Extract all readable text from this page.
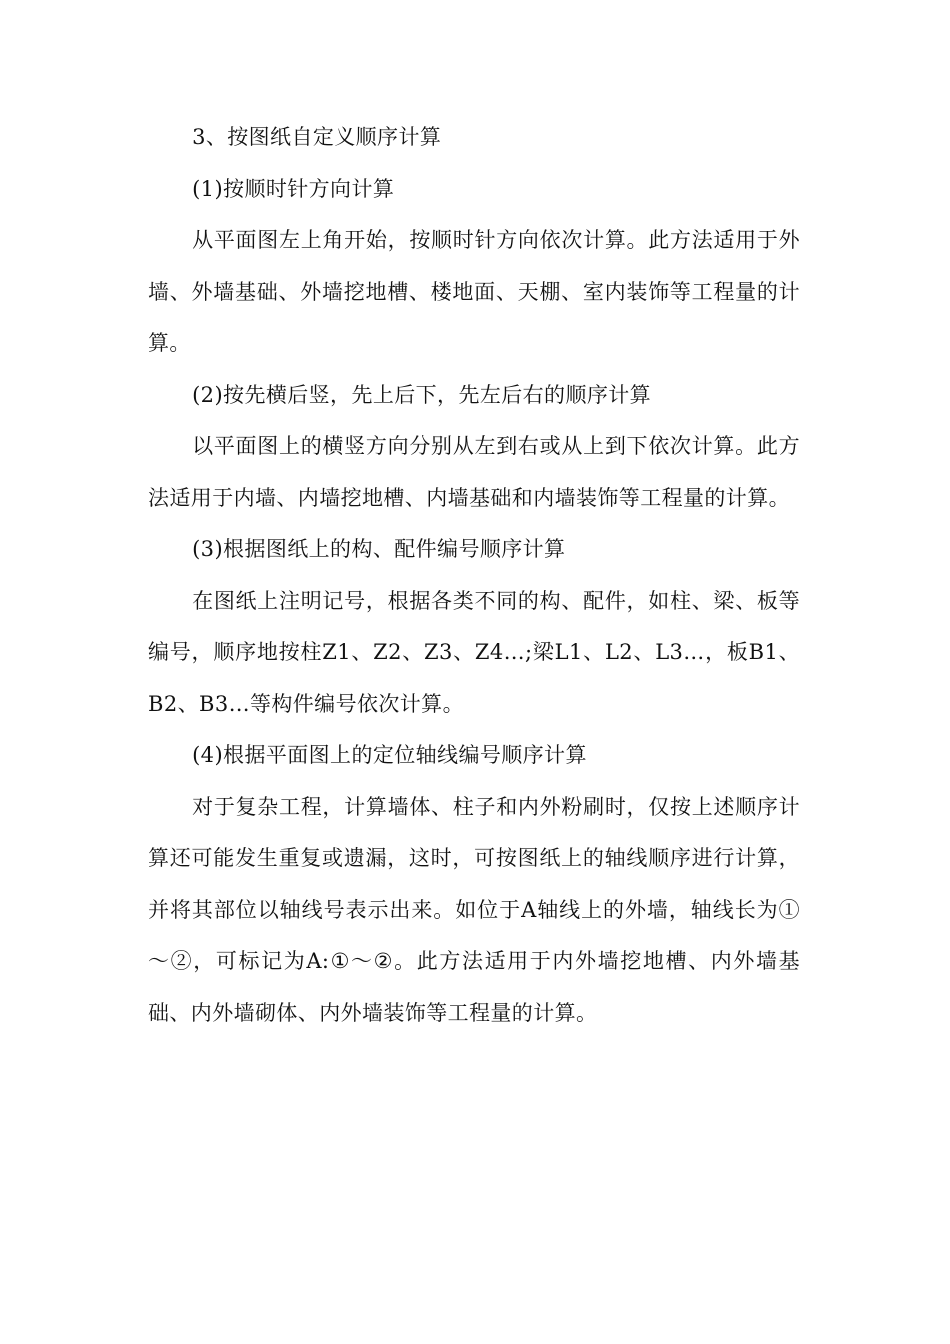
3、按图纸自定义顺序计算

(1)按顺时针方向计算

从平面图左上角开始，按顺时针方向依次计算。此方法适用于外墙、外墙基础、外墙挖地槽、楼地面、天棚、室内装饰等工程量的计算。

(2)按先横后竖，先上后下，先左后右的顺序计算

以平面图上的横竖方向分别从左到右或从上到下依次计算。此方法适用于内墙、内墙挖地槽、内墙基础和内墙装饰等工程量的计算。

(3)根据图纸上的构、配件编号顺序计算

在图纸上注明记号，根据各类不同的构、配件，如柱、梁、板等编号，顺序地按柱Z1、Z2、Z3、Z4…;梁L1、L2、L3…，板B1、B2、B3…等构件编号依次计算。

(4)根据平面图上的定位轴线编号顺序计算

对于复杂工程，计算墙体、柱子和内外粉刷时，仅按上述顺序计算还可能发生重复或遗漏，这时，可按图纸上的轴线顺序进行计算，并将其部位以轴线号表示出来。如位于A轴线上的外墙，轴线长为①～②，可标记为A:①～②。此方法适用于内外墙挖地槽、内外墙基础、内外墙砌体、内外墙装饰等工程量的计算。
